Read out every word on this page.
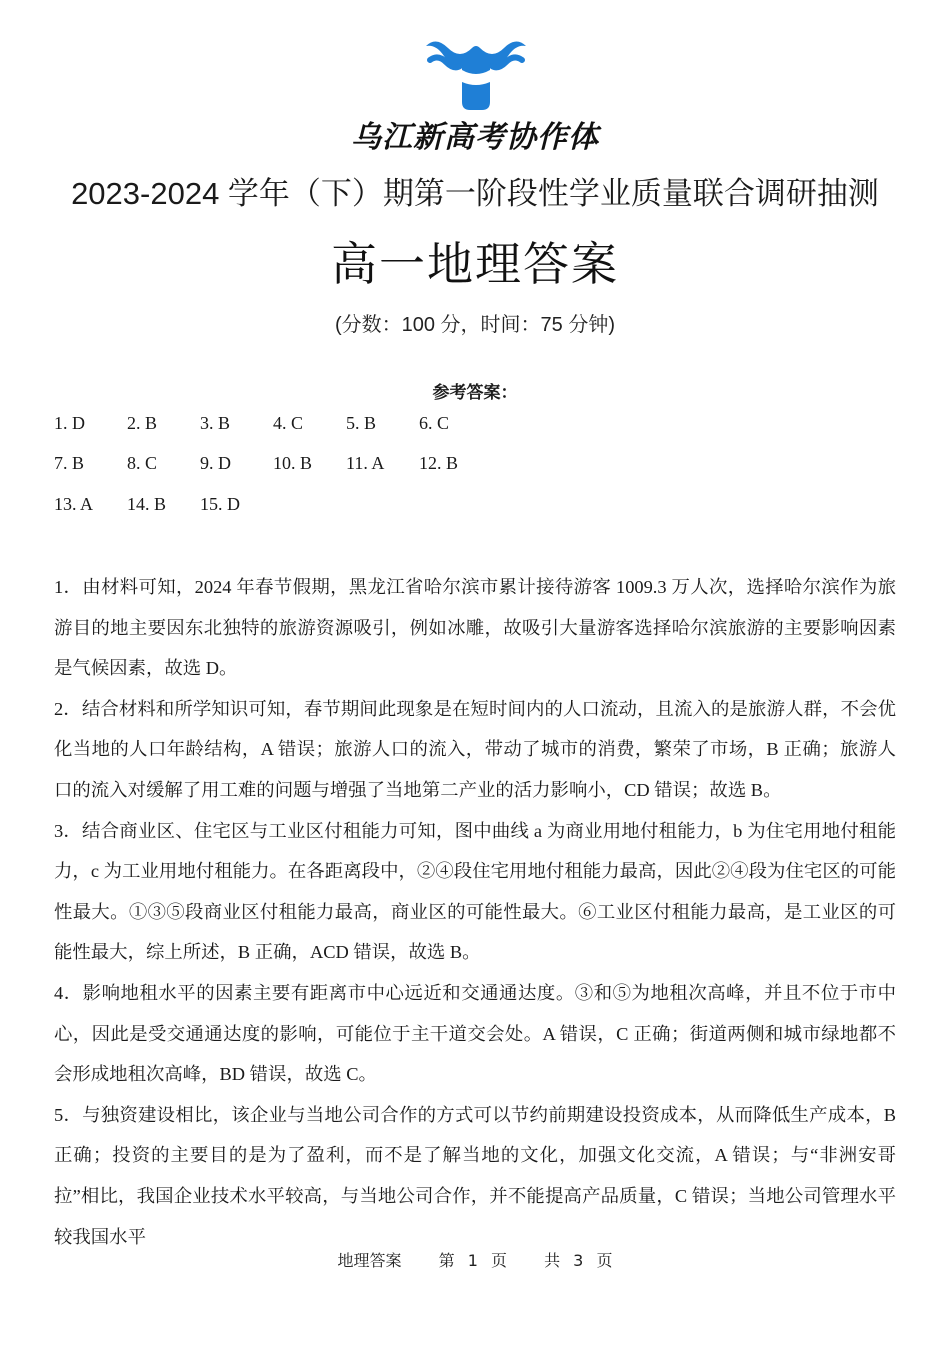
乌江新高考协作体
2023-2024 学年（下）期第一阶段性学业质量联合调研抽测
高一地理答案
(分数：100 分，时间：75 分钟)
参考答案：
1. D 2. B 3. B 4. C 5. B 6. C
7. B 8. C 9. D 10. B 11. A 12. B
13. A 14. B 15. D

1．由材料可知，2024 年春节假期，黑龙江省哈尔滨市累计接待游客 1009.3 万人次，选择哈尔滨作为旅游目的地主要因东北独特的旅游资源吸引，例如冰雕，故吸引大量游客选择哈尔滨旅游的主要影响因素是气候因素，故选 D。

2．结合材料和所学知识可知，春节期间此现象是在短时间内的人口流动，且流入的是旅游人群，不会优化当地的人口年龄结构，A 错误；旅游人口的流入，带动了城市的消费，繁荣了市场，B 正确；旅游人口的流入对缓解了用工难的问题与增强了当地第二产业的活力影响小，CD 错误；故选 B。

3．结合商业区、住宅区与工业区付租能力可知，图中曲线 a 为商业用地付租能力，b 为住宅用地付租能力，c 为工业用地付租能力。在各距离段中，②④段住宅用地付租能力最高，因此②④段为住宅区的可能性最大。①③⑤段商业区付租能力最高，商业区的可能性最大。⑥工业区付租能力最高，是工业区的可能性最大，综上所述，B 正确，ACD 错误，故选 B。

4．影响地租水平的因素主要有距离市中心远近和交通通达度。③和⑤为地租次高峰，并且不位于市中心，因此是受交通通达度的影响，可能位于主干道交会处。A 错误，C 正确；街道两侧和城市绿地都不会形成地租次高峰，BD 错误，故选 C。

5．与独资建设相比，该企业与当地公司合作的方式可以节约前期建设投资成本，从而降低生产成本，B 正确；投资的主要目的是为了盈利，而不是了解当地的文化，加强文化交流，A 错误；与“非洲安哥拉”相比，我国企业技术水平较高，与当地公司合作，并不能提高产品质量，C 错误；当地公司管理水平较我国水平

地理答案 第 1 页 共 3 页
